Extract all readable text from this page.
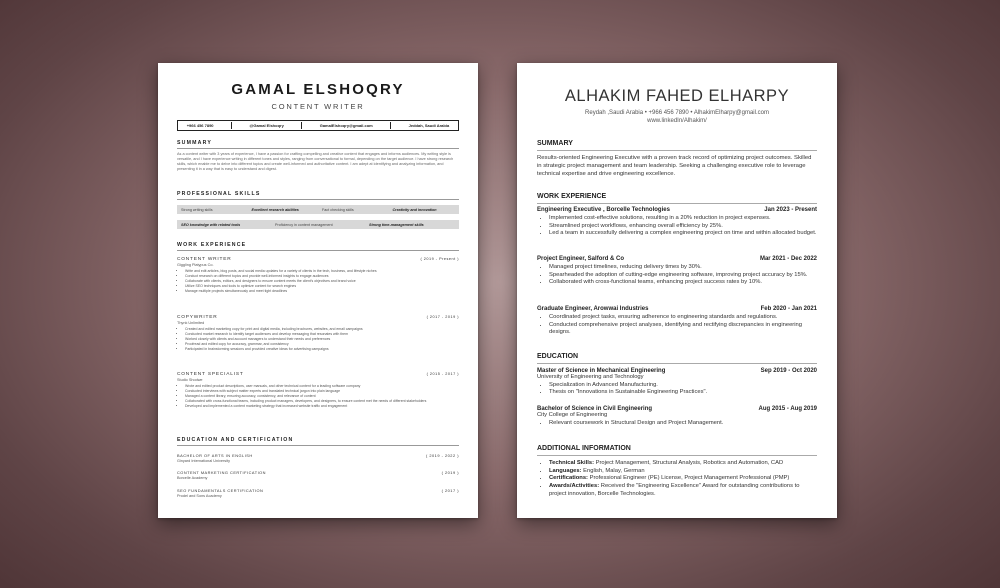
GAMAL ELSHOQRY
CONTENT WRITER
+966 456 7890	@Gamal Elshoqry	GamalElshoqry@gmail.com	Jeddah, Saudi Arabia
SUMMARY
As a content writer with 3 years of experience, I have a passion for crafting compelling and creative content that engages and informs audiences. My writing style is versatile, and I have experience writing in different tones and styles, ranging from conversational to formal, depending on the target audience. I have strong research skills, which enable me to delve into different topics and create well-informed and authoritative content. I am adept at identifying and analyzing information, and presenting it in a way that is easy to understand and digest.
PROFESSIONAL SKILLS
Strong writing skills	Excellent research abilities	Fact checking skills	Creativity and innovation
SEO knowledge with related tools	Proficiency in content management	Strong time-management skills
WORK EXPERIENCE
CONTENT WRITER	( 2019 - Present )
Giggling Platypus Co.
• Write and edit articles, blog posts, and social media updates for a variety of clients in the tech, business, and lifestyle niches
• Conduct research on different topics and provide well-informed insights to engage audiences
• Collaborate with clients, editors, and designers to ensure content meets the client's objectives and brand voice
• Utilize SEO techniques and tools to optimize content for search engines
• Manage multiple projects simultaneously and meet tight deadlines
COPYWRITER	( 2017 - 2019 )
Thynk Unlimited
• Created and edited marketing copy for print and digital media, including brochures, websites, and email campaigns
• Conducted market research to identify target audiences and develop messaging that resonates with them
• Worked closely with clients and account managers to understand their needs and preferences
• Proofread and edited copy for accuracy, grammar, and consistency
• Participated in brainstorming sessions and provided creative ideas for advertising campaigns
CONTENT SPECIALIST	( 2015 - 2017 )
Studio Shodwe
• Wrote and edited product descriptions, user manuals, and other technical content for a leading software company
• Conducted interviews with subject matter experts and translated technical jargon into plain language
• Managed a content library, ensuring accuracy, consistency, and relevance of content
• Collaborated with cross-functional teams, including product managers, developers, and designers, to ensure content met the needs of different stakeholders
• Developed and implemented a content marketing strategy that increased website traffic and engagement
EDUCATION AND CERTIFICATION
BACHELOR OF ARTS IN ENGLISH	( 2019 - 2022 )
Ginyard International University
CONTENT MARKETING CERTIFICATION	( 2019 )
Borcelle Academy
SEO FUNDAMENTALS CERTIFICATION	( 2017 )
Prodel and Sons Academy
ALHAKIM FAHED ELHARPY
Reydah ,Saudi Arabia • +966 456 7890 • AlhakimElharpy@gmail.com
www.linkedIn/Alhakim/
SUMMARY
Results-oriented Engineering Executive with a proven track record of optimizing project outcomes. Skilled in strategic project management and team leadership. Seeking a challenging executive role to leverage technical expertise and drive engineering excellence.
WORK EXPERIENCE
Engineering Executive , Borcelle Technologies	Jan 2023 - Present
• Implemented cost-effective solutions, resulting in a 20% reduction in project expenses.
• Streamlined project workflows, enhancing overall efficiency by 25%.
• Led a team in successfully delivering a complex engineering project on time and within allocated budget.
Project Engineer, Salford & Co	Mar 2021 - Dec 2022
• Managed project timelines, reducing delivery times by 30%.
• Spearheaded the adoption of cutting-edge engineering software, improving project accuracy by 15%.
• Collaborated with cross-functional teams, enhancing project success rates by 10%.
Graduate Engineer, Arowwai Industries	Feb 2020 - Jan 2021
• Coordinated project tasks, ensuring adherence to engineering standards and regulations.
• Conducted comprehensive project analyses, identifying and rectifying discrepancies in engineering designs.
EDUCATION
Master of Science in Mechanical Engineering	Sep 2019 - Oct 2020
University of Engineering and Technology
• Specialization in Advanced Manufacturing.
• Thesis on "Innovations in Sustainable Engineering Practices".
Bachelor of Science in Civil Engineering	Aug 2015 - Aug 2019
City College of Engineering
• Relevant coursework in Structural Design and Project Management.
ADDITIONAL INFORMATION
• Technical Skills: Project Management, Structural Analysis, Robotics and Automation, CAD
• Languages: English, Malay, German
• Certifications: Professional Engineer (PE) License, Project Management Professional (PMP)
• Awards/Activities: Received the "Engineering Excellence" Award for outstanding contributions to project innovation, Borcelle Technologies.
